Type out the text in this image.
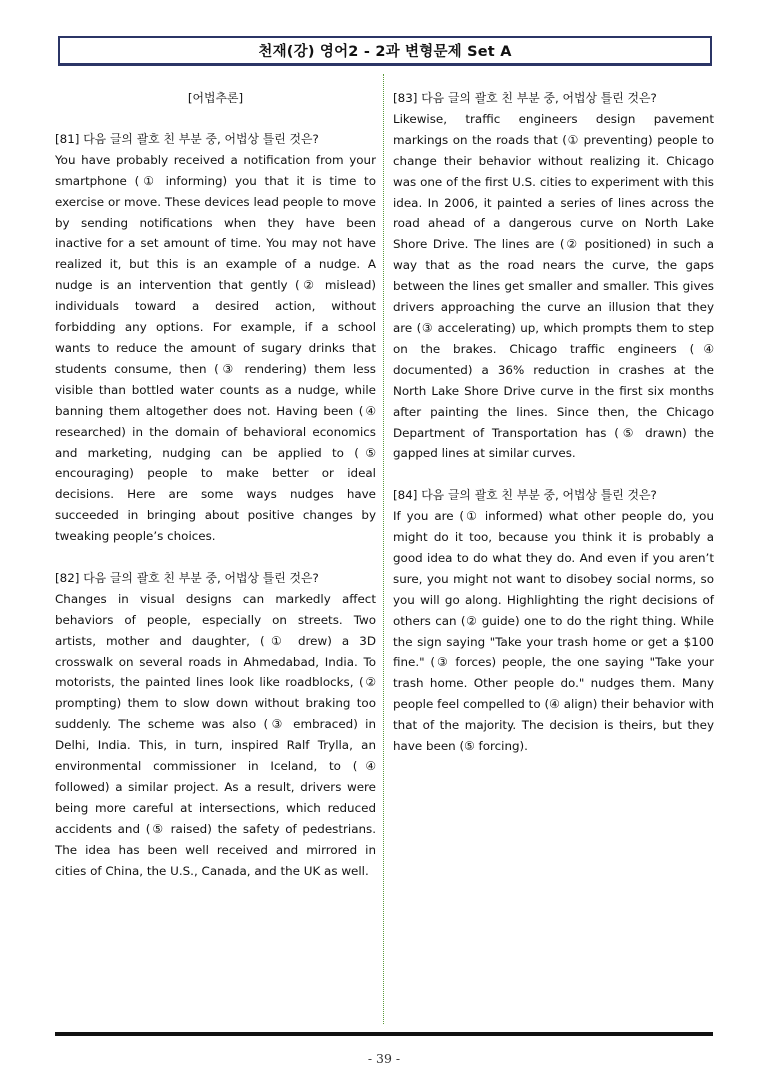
천재(강) 영어2 - 2과 변형문제 Set A

[어법추론]

[81] 다음 글의 괄호 친 부분 중, 어법상 틀린 것은?

You have probably received a notification from your smartphone (① informing) you that it is time to exercise or move. These devices lead people to move by sending notifications when they have been inactive for a set amount of time. You may not have realized it, but this is an example of a nudge. A nudge is an intervention that gently (② mislead) individuals toward a desired action, without forbidding any options. For example, if a school wants to reduce the amount of sugary drinks that students consume, then (③ rendering) them less visible than bottled water counts as a nudge, while banning them altogether does not. Having been (④ researched) in the domain of behavioral economics and marketing, nudging can be applied to (⑤ encouraging) people to make better or ideal decisions. Here are some ways nudges have succeeded in bringing about positive changes by tweaking people’s choices.

[82] 다음 글의 괄호 친 부분 중, 어법상 틀린 것은?

Changes in visual designs can markedly affect behaviors of people, especially on streets. Two artists, mother and daughter, (① drew) a 3D crosswalk on several roads in Ahmedabad, India. To motorists, the painted lines look like roadblocks, (② prompting) them to slow down without braking too suddenly. The scheme was also (③ embraced) in Delhi, India. This, in turn, inspired Ralf Trylla, an environmental commissioner in Iceland, to (④ followed) a similar project. As a result, drivers were being more careful at intersections, which reduced accidents and (⑤ raised) the safety of pedestrians. The idea has been well received and mirrored in cities of China, the U.S., Canada, and the UK as well.

[83] 다음 글의 괄호 친 부분 중, 어법상 틀린 것은?

Likewise, traffic engineers design pavement markings on the roads that (① preventing) people to change their behavior without realizing it. Chicago was one of the first U.S. cities to experiment with this idea. In 2006, it painted a series of lines across the road ahead of a dangerous curve on North Lake Shore Drive. The lines are (② positioned) in such a way that as the road nears the curve, the gaps between the lines get smaller and smaller. This gives drivers approaching the curve an illusion that they are (③ accelerating) up, which prompts them to step on the brakes. Chicago traffic engineers (④ documented) a 36% reduction in crashes at the North Lake Shore Drive curve in the first six months after painting the lines. Since then, the Chicago Department of Transportation has (⑤ drawn) the gapped lines at similar curves.

[84] 다음 글의 괄호 친 부분 중, 어법상 틀린 것은?

If you are (① informed) what other people do, you might do it too, because you think it is probably a good idea to do what they do. And even if you aren’t sure, you might not want to disobey social norms, so you will go along. Highlighting the right decisions of others can (② guide) one to do the right thing. While the sign saying "Take your trash home or get a $100 fine." (③ forces) people, the one saying "Take your trash home. Other people do." nudges them. Many people feel compelled to (④ align) their behavior with that of the majority. The decision is theirs, but they have been (⑤ forcing).

- 39 -
